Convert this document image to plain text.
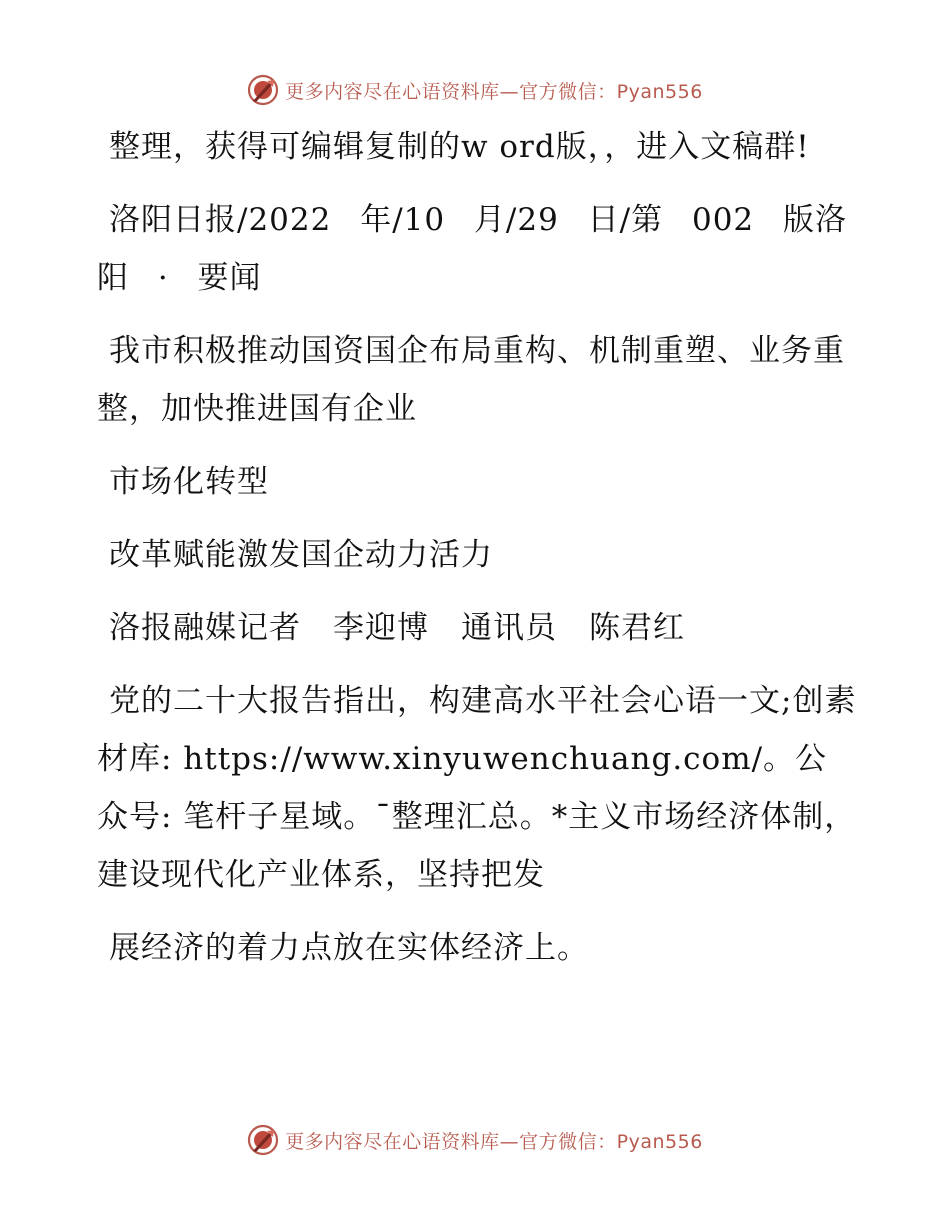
更多内容尽在心语资料库—官方微信：Pyan556

整理，获得可编辑复制的w ord版，，进入文稿群!

洛阳日报/2022 年/10 月/29 日/第 002 版洛阳 · 要闻

我市积极推动国资国企布局重构、机制重塑、业务重整，加快推进国有企业

市场化转型

改革赋能激发国企动力活力

洛报融媒记者　李迎博　通讯员　陈君红

党的二十大报告指出，构建高水平社会心语一文;创素材库: https://www.xinyuwenchuang.com/。公众号: 笔杆子星域。¯整理汇总。*主义市场经济体制，建设现代化产业体系，坚持把发

展经济的着力点放在实体经济上。

更多内容尽在心语资料库—官方微信：Pyan556
